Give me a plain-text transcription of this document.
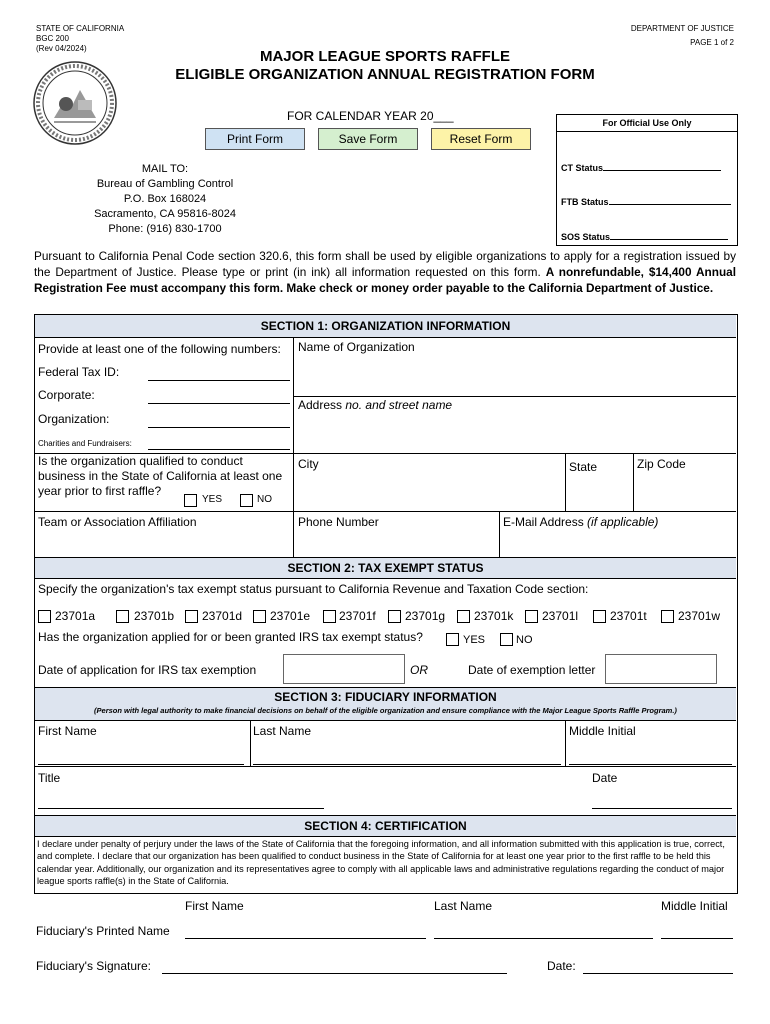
STATE OF CALIFORNIA
BGC 200
(Rev 04/2024)
DEPARTMENT OF JUSTICE
PAGE 1 of 2
MAJOR LEAGUE SPORTS RAFFLE
ELIGIBLE ORGANIZATION ANNUAL REGISTRATION FORM
FOR CALENDAR YEAR 20___
Print Form	Save Form	Reset Form
For Official Use Only
CT Status
FTB Status
SOS Status
MAIL TO:
Bureau of Gambling Control
P.O. Box 168024
Sacramento, CA 95816-8024
Phone: (916) 830-1700
Pursuant to California Penal Code section 320.6, this form shall be used by eligible organizations to apply for a registration issued by the Department of Justice. Please type or print (in ink) all information requested on this form. A nonrefundable, $14,400 Annual Registration Fee must accompany this form. Make check or money order payable to the California Department of Justice.
SECTION 1: ORGANIZATION INFORMATION
Provide at least one of the following numbers:
Federal Tax ID:
Corporate:
Organization:
Charities and Fundraisers:
Name of Organization
Address no. and street name
Is the organization qualified to conduct business in the State of California at least one year prior to first raffle?
YES	NO
City	State	Zip Code
Team or Association Affiliation	Phone Number	E-Mail Address (if applicable)
SECTION 2: TAX EXEMPT STATUS
Specify the organization's tax exempt status pursuant to California Revenue and Taxation Code section:
23701a	23701b 23701d 23701e 23701f 23701g 23701k 23701l	23701t	23701w
Has the organization applied for or been granted IRS tax exempt status?	YES	NO
Date of application for IRS tax exemption	OR	Date of exemption letter
SECTION 3: FIDUCIARY INFORMATION
(Person with legal authority to make financial decisions on behalf of the eligible organization and ensure compliance with the Major League Sports Raffle Program.)
First Name	Last Name	Middle Initial
Title	Date
SECTION 4: CERTIFICATION
I declare under penalty of perjury under the laws of the State of California that the foregoing information, and all information submitted with this application is true, correct, and complete. I declare that our organization has been qualified to conduct business in the State of California for at least one year prior to the first raffle to be held this calendar year. Additionally, our organization and its representatives agree to comply with all applicable laws and administrative regulations regarding the conduct of major league sports raffle(s) in the State of California.
First Name	Last Name	Middle Initial
Fiduciary's Printed Name
Fiduciary's Signature:	Date:
